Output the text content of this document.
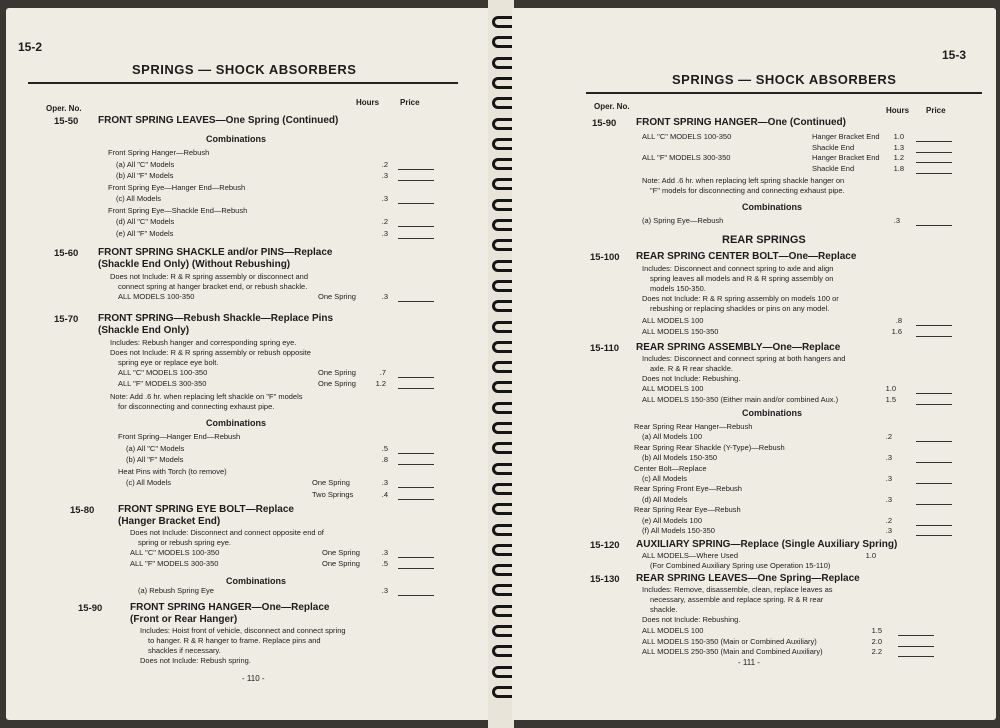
15-2
SPRINGS — SHOCK ABSORBERS
Oper. No.
Hours	Price
15-50 FRONT SPRING LEAVES—One Spring (Continued)
Combinations
Front Spring Hanger—Rebush
(a) All "C" Models	.2
(b) All "F" Models	.3
Front Spring Eye—Hanger End—Rebush
(c) All Models	.3
Front Spring Eye—Shackle End—Rebush
(d) All "C" Models	.2
(e) All "F" Models	.3
15-60 FRONT SPRING SHACKLE and/or PINS—Replace
(Shackle End Only) (Without Rebushing)
Does not Include: R & R spring assembly or disconnect and
connect spring at hanger bracket end, or rebush shackle.
ALL MODELS 100-350	One Spring	.3
15-70 FRONT SPRING—Rebush Shackle—Replace Pins
(Shackle End Only)
Includes: Rebush hanger and corresponding spring eye.
Does not Include: R & R spring assembly or rebush opposite
spring eye or replace eye bolt.
ALL "C" MODELS 100-350	One Spring	.7
ALL "F" MODELS 300-350	One Spring	1.2
Note: Add .6 hr. when replacing left shackle on "F" models
for disconnecting and connecting exhaust pipe.
Combinations
Front Spring—Hanger End—Rebush
(a) All "C" Models	.5
(b) All "F" Models	.8
Heat Pins with Torch (to remove)
(c) All Models	One Spring	.3
Two Springs	.4
15-80 FRONT SPRING EYE BOLT—Replace
(Hanger Bracket End)
Does not Include: Disconnect and connect opposite end of
spring or rebush spring eye.
ALL "C" MODELS 100-350	One Spring	.3
ALL "F" MODELS 300-350	One Spring	.5
Combinations
(a) Rebush Spring Eye	.3
15-90	FRONT SPRING HANGER—One—Replace
(Front or Rear Hanger)
Includes: Hoist front of vehicle, disconnect and connect spring
to hanger. R & R hanger to frame. Replace pins and
shackles if necessary.
Does not Include: Rebush spring.
- 110 -
15-3
SPRINGS — SHOCK ABSORBERS
Oper. No.	Hours Price
15-90 FRONT SPRING HANGER—One (Continued)
ALL "C" MODELS 100-350	Hanger Bracket End	1.0
Shackle End	1.3
ALL "F" MODELS 300-350	Hanger Bracket End	1.2
Shackle End	1.8
Note: Add .6 hr. when replacing left spring shackle hanger on
"F" models for disconnecting and connecting exhaust pipe.
Combinations
(a) Spring Eye—Rebush	.3
REAR SPRINGS
15-100 REAR SPRING CENTER BOLT—One—Replace
Includes: Disconnect and connect spring to axle and align
spring leaves all models and R & R spring assembly on
models 150-350.
Does not Include: R & R spring assembly on models 100 or
rebushing or replacing shackles or pins on any model.
ALL MODELS 100	.8
ALL MODELS 150-350	1.6
15-110 REAR SPRING ASSEMBLY—One—Replace
Includes: Disconnect and connect spring at both hangers and
axle. R & R rear shackle.
Does not Include: Rebushing.
ALL MODELS 100	1.0
ALL MODELS 150-350 (Either main and/or combined Aux.)	1.5
Combinations
Rear Spring Rear Hanger—Rebush
(a) All Models 100	.2
Rear Spring Rear Shackle (Y-Type)—Rebush
(b) All Models 150-350	.3
Center Bolt—Replace
(c) All Models	.3
Rear Spring Front Eye—Rebush
(d) All Models	.3
Rear Spring Rear Eye—Rebush
(e) All Models 100	.2
(f) All Models 150-350	.3
15-120 AUXILIARY SPRING—Replace (Single Auxiliary Spring)
ALL MODELS—Where Used	1.0
(For Combined Auxiliary Spring use Operation 15-110)
15-130 REAR SPRING LEAVES—One Spring—Replace
Includes: Remove, disassemble, clean, replace leaves as
necessary, assemble and replace spring. R & R rear
shackle.
Does not Include: Rebushing.
ALL MODELS 100	1.5
ALL MODELS 150-350 (Main or Combined Auxiliary)	2.0
ALL MODELS 250-350 (Main and Combined Auxiliary)	2.2
- 111 -
